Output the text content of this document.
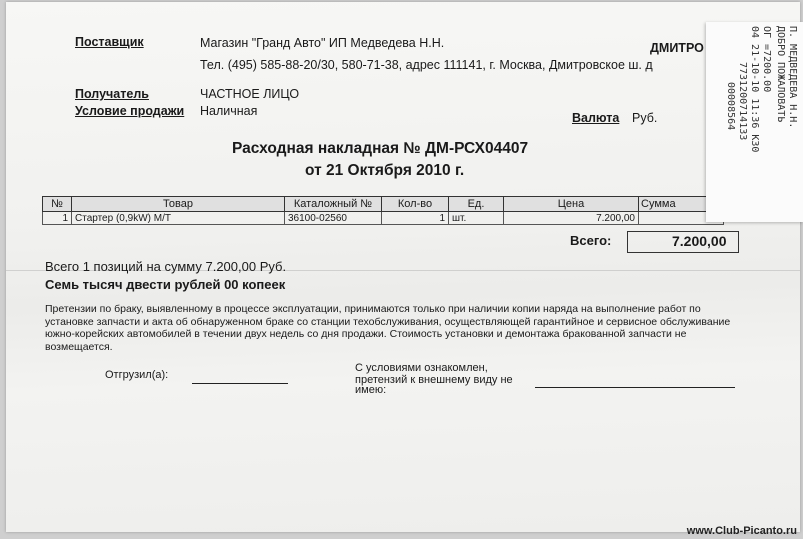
Поставщик	Магазин "Гранд Авто" ИП Медведева Н.Н.	ДМИТРО
Тел. (495) 585-88-20/30, 580-71-38, адрес 111141, г. Москва, Дмитровское ш. д
Получатель	ЧАСТНОЕ ЛИЦО
Условие продажи Наличная	Валюта Руб.
Расходная накладная № ДМ-РСХ04407
от 21 Октября 2010 г.
№	Товар	Каталожный №	Кол-во	Ед.	Цена	Сумма
1	Стартер (0,9kW) M/T	36100-02560	1	шт.	7.200,00	
Всего:	7.200,00
Всего 1 позиций на сумму 7.200,00 Руб.
Семь тысяч двести рублей 00 копеек
Претензии по браку, выявленному в процессе эксплуатации, принимаются только при наличии копии наряда на выполнение работ по установке запчасти и акта об обнаруженном браке со станции техобслуживания, осуществляющей гарантийное и сервисное обслуживание южно-корейских автомобилей в течении двух недель со дня продажи. Стоимость установки и демонтажа бракованной запчасти не возмещается.
Отгрузил(а):
С условиями ознакомлен,
претензий к внешнему виду не
имею:
П. МЕДВЕДЕВА Н.Н.
ДОБРО ПОЖАЛОВАТЬ
ОГ =7200.00
04 21-10-10 11:36 К30
7731200714133
00008564
www.Club-Picanto.ru
